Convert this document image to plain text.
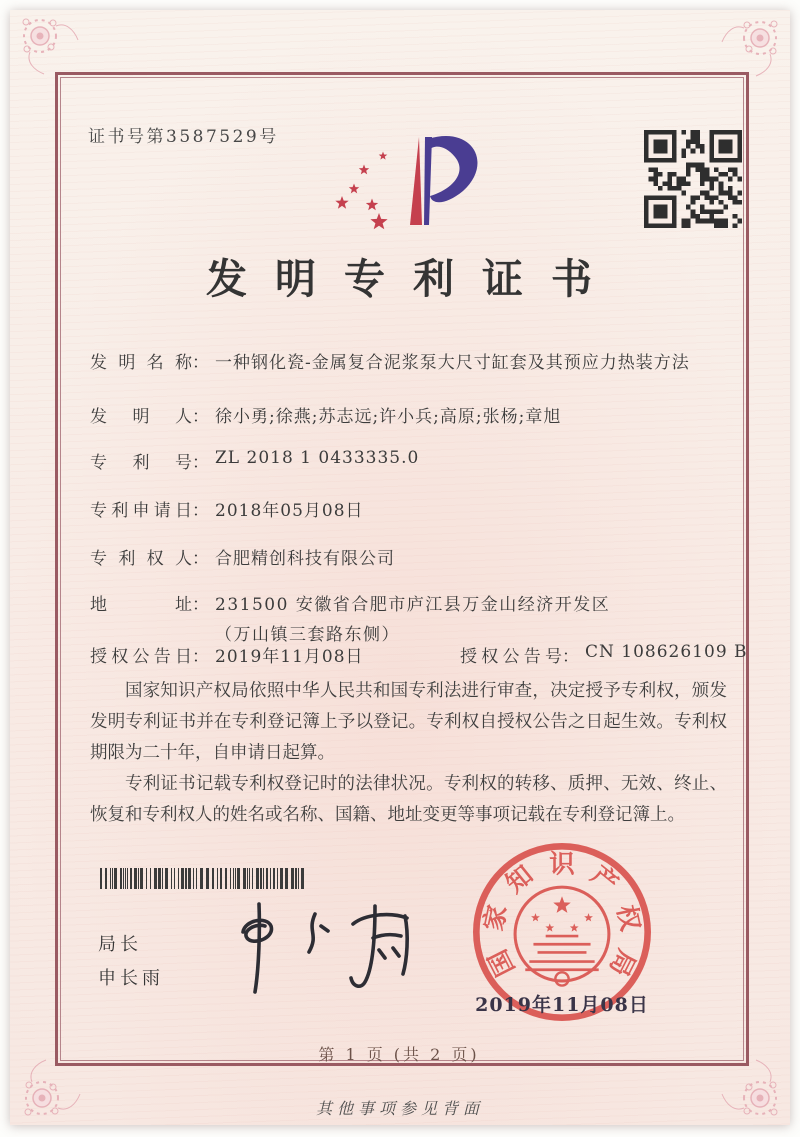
证书号第3587529号
发明专利证书
发明名称： 一种钢化瓷-金属复合泥浆泵大尺寸缸套及其预应力热装方法
发明人： 徐小勇;徐燕;苏志远;许小兵;高原;张杨;章旭
专利号： ZL 2018 1 0433335.0
专利申请日： 2018年05月08日
专利权人： 合肥精创科技有限公司
地址： 231500 安徽省合肥市庐江县万金山经济开发区（万山镇三套路东侧）
授权公告日： 2019年11月08日	授权公告号： CN 108626109 B

国家知识产权局依照中华人民共和国专利法进行审查，决定授予专利权，颁发发明专利证书并在专利登记簿上予以登记。专利权自授权公告之日起生效。专利权期限为二十年，自申请日起算。

专利证书记载专利权登记时的法律状况。专利权的转移、质押、无效、终止、恢复和专利权人的姓名或名称、国籍、地址变更等事项记载在专利登记簿上。

局长
申长雨	国
家
知 识 产
权
局
2019年11月08日
第 1 页 (共 2 页)
其他事项参见背面
